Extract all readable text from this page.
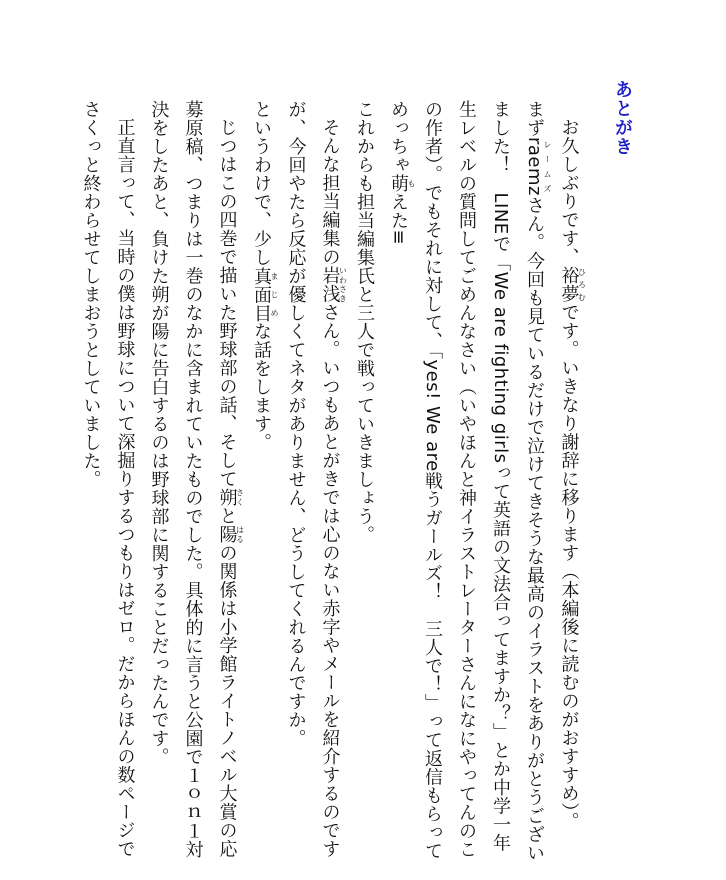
あとがき

お久しぶりです、裕夢ひろむです。いきなり謝辞に移ります（本編後に読むのがおすすめ）。

まずraemzレームズさん。今回も見ているだけで泣けてきそうな最高のイラストをありがとうございました！　LINEで「We are fighting girlsって英語の文法合ってますか？」とか中学一年生レベルの質問してごめんなさい（いやほんと神イラストレーターさんになにやってんのこの作者）。でもそれに対して、「yes! We are戦うガールズ！　三人で！」って返信もらってめっちゃ萌もえた≡

これからも担当編集氏と三人で戦っていきましょう。

そんな担当編集の岩浅いわさきさん。いつもあとがきでは心のない赤字やメールを紹介するのですが、今回やたら反応が優しくてネタがありません、どうしてくれるんですか。

というわけで、少し真面目まじめな話をします。

じつはこの四巻で描いた野球部の話、そして朔さくと陽はるの関係は小学館ライトノベル大賞の応募原稿、つまりは一巻のなかに含まれていたものでした。具体的に言うと公園で１ｏｎ１対決をしたあと、負けた朔が陽に告白するのは野球部に関することだったんです。

正直言って、当時の僕は野球について深掘りするつもりはゼロ。だからほんの数ページでさくっと終わらせてしまおうとしていました。
